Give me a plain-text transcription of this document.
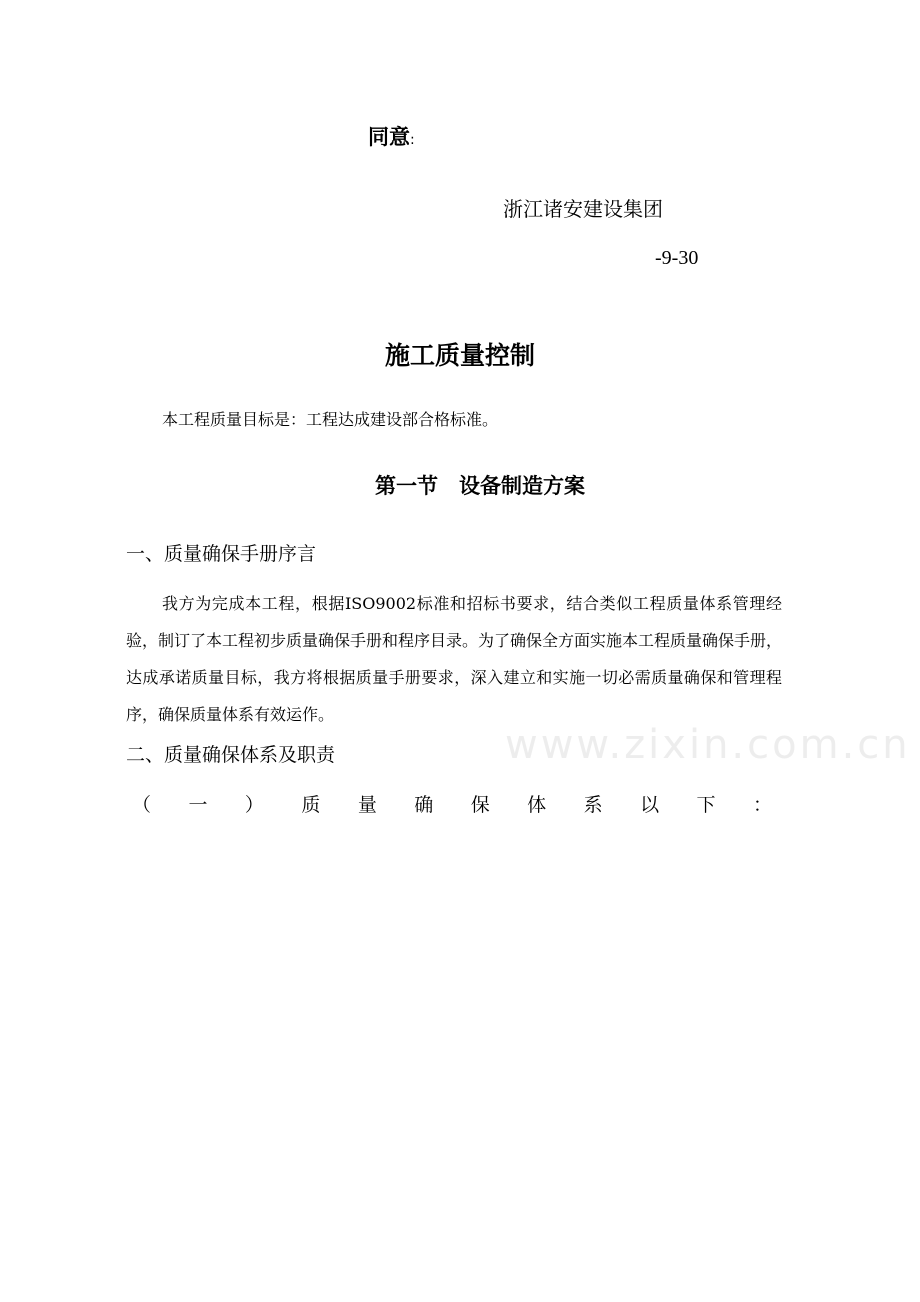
www.zixin.com.cn
同意:
浙江诸安建设集团
-9-30
施工质量控制
本工程质量目标是：工程达成建设部合格标准。
第一节　设备制造方案
一、质量确保手册序言
我方为完成本工程，根据ISO9002标准和招标书要求，结合类似工程质量体系管理经验，制订了本工程初步质量确保手册和程序目录。为了确保全方面实施本工程质量确保手册，达成承诺质量目标，我方将根据质量手册要求，深入建立和实施一切必需质量确保和管理程序，确保质量体系有效运作。
二、质量确保体系及职责
（ 一 ） 质 量 确 保 体 系 以 下 ：
